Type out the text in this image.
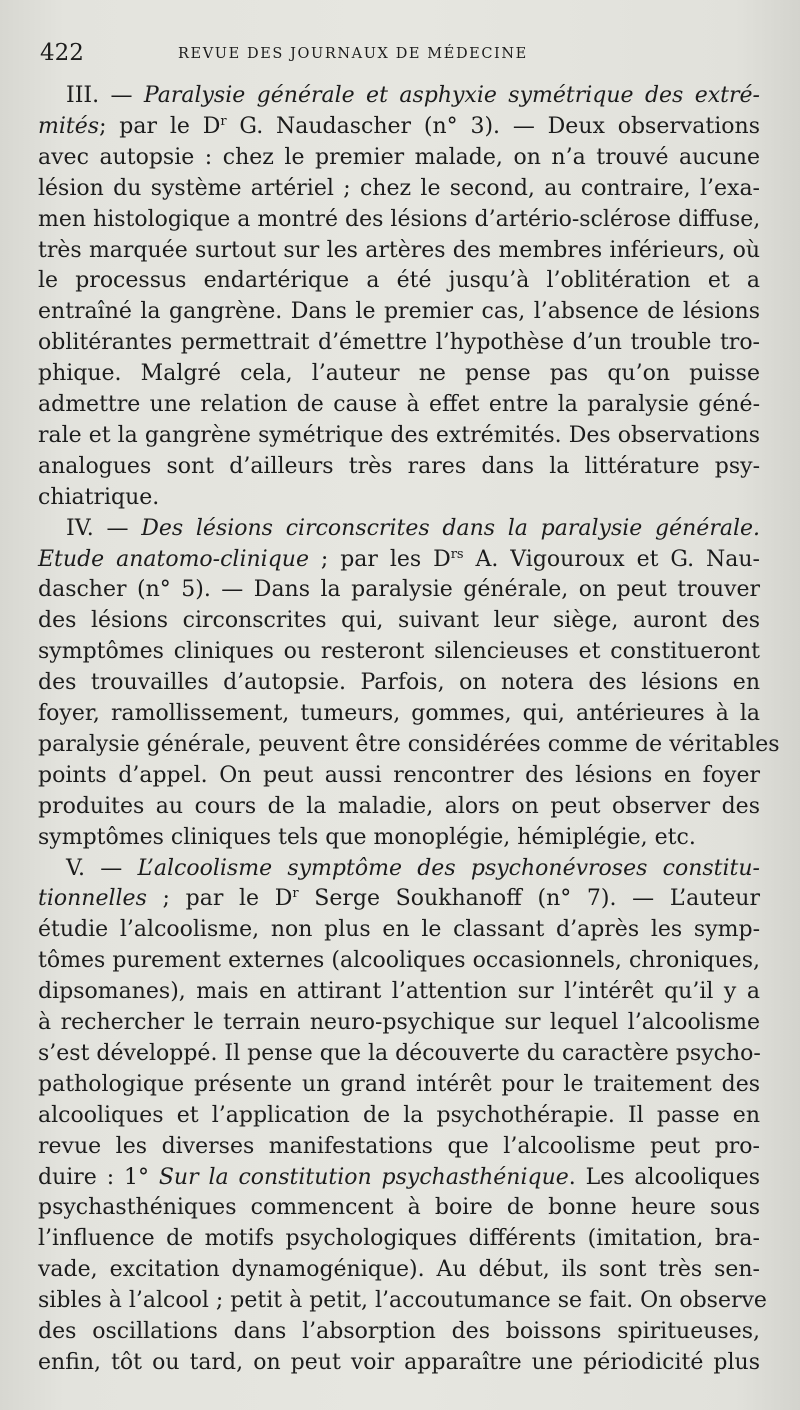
422	REVUE DES JOURNAUX DE MÉDECINE
III. — Paralysie générale et asphyxie symétrique des extré-
mités; par le $D^r$ G. Naudascher (n° 3). — Deux observations
avec autopsie : chez le premier malade, on n’a trouvé aucune
lésion du système artériel ; chez le second, au contraire, l’exa-
men histologique a montré des lésions d’artério-sclérose diffuse,
très marquée surtout sur les artères des membres inférieurs, où
le processus endartérique a été jusqu’à l’oblitération et a
entraîné la gangrène. Dans le premier cas, l’absence de lésions
oblitérantes permettrait d’émettre l’hypothèse d’un trouble tro-
phique. Malgré cela, l’auteur ne pense pas qu’on puisse
admettre une relation de cause à effet entre la paralysie géné-
rale et la gangrène symétrique des extrémités. Des observations
analogues sont d’ailleurs très rares dans la littérature psy-
chiatrique.
IV. — Des lésions circonscrites dans la paralysie générale.
Etude anatomo-clinique ; par les $D^{rs}$ A. Vigouroux et G. Nau-
dascher (n° 5). — Dans la paralysie générale, on peut trouver
des lésions circonscrites qui, suivant leur siège, auront des
symptômes cliniques ou resteront silencieuses et constitueront
des trouvailles d’autopsie. Parfois, on notera des lésions en
foyer, ramollissement, tumeurs, gommes, qui, antérieures à la
paralysie générale, peuvent être considérées comme de véritables
points d’appel. On peut aussi rencontrer des lésions en foyer
produites au cours de la maladie, alors on peut observer des
symptômes cliniques tels que monoplégie, hémiplégie, etc.
V. — L’alcoolisme symptôme des psychonévroses constitu-
tionnelles ; par le $D^r$ Serge Soukhanoff (n° 7). — L’auteur
étudie l’alcoolisme, non plus en le classant d’après les symp-
tômes purement externes (alcooliques occasionnels, chroniques,
dipsomanes), mais en attirant l’attention sur l’intérêt qu’il y a
à rechercher le terrain neuro-psychique sur lequel l’alcoolisme
s’est développé. Il pense que la découverte du caractère psycho-
pathologique présente un grand intérêt pour le traitement des
alcooliques et l’application de la psychothérapie. Il passe en
revue les diverses manifestations que l’alcoolisme peut pro-
duire : 1° Sur la constitution psychasthénique. Les alcooliques
psychasthéniques commencent à boire de bonne heure sous
l’influence de motifs psychologiques différents (imitation, bra-
vade, excitation dynamogénique). Au début, ils sont très sen-
sibles à l’alcool ; petit à petit, l’accoutumance se fait. On observe
des oscillations dans l’absorption des boissons spiritueuses,
enfin, tôt ou tard, on peut voir apparaître une périodicité plus
